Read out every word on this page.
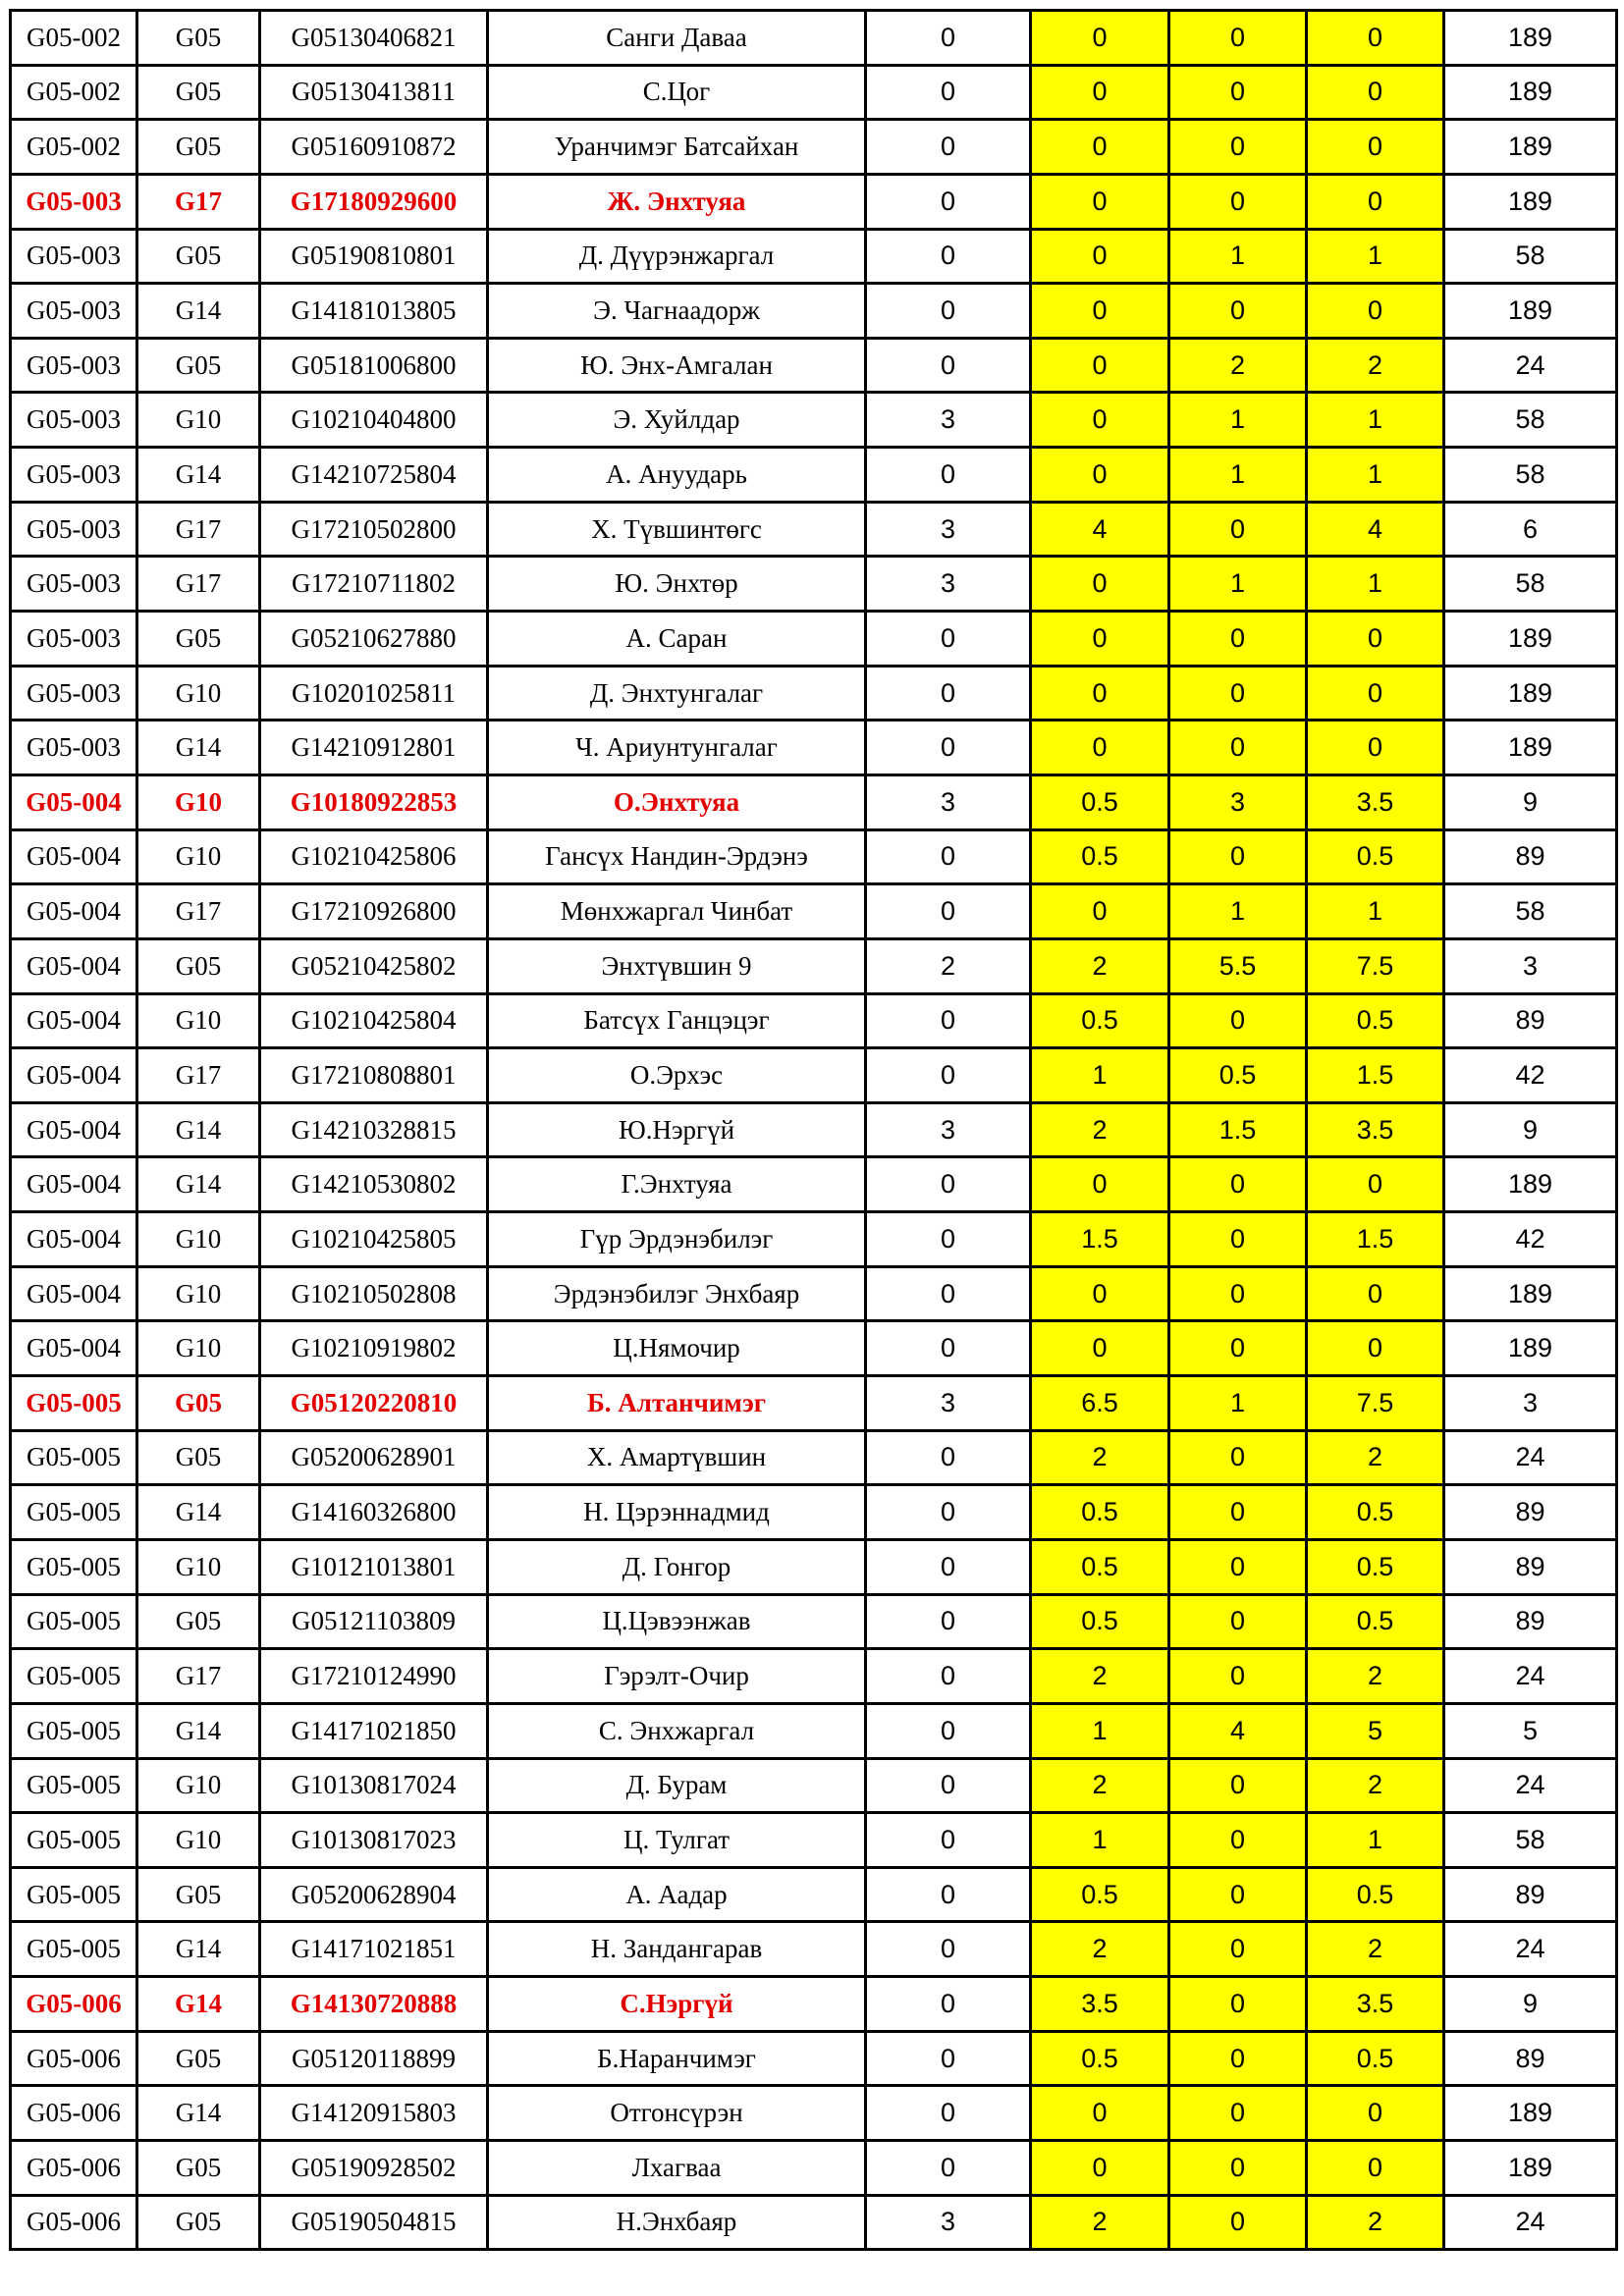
G05-002	G05	G05130406821	Санги Даваа	0	0	0	0	189
G05-002	G05	G05130413811	С.Цог	0	0	0	0	189
G05-002	G05	G05160910872	Уранчимэг Батсайхан	0	0	0	0	189
G05-003	G17	G17180929600	Ж. Энхтуяа	0	0	0	0	189
G05-003	G05	G05190810801	Д. Дүүрэнжаргал	0	0	1	1	58
G05-003	G14	G14181013805	Э. Чагнаадорж	0	0	0	0	189
G05-003	G05	G05181006800	Ю. Энх-Амгалан	0	0	2	2	24
G05-003	G10	G10210404800	Э. Хуйлдар	3	0	1	1	58
G05-003	G14	G14210725804	А. Ануударь	0	0	1	1	58
G05-003	G17	G17210502800	Х. Түвшинтөгс	3	4	0	4	6
G05-003	G17	G17210711802	Ю. Энхтөр	3	0	1	1	58
G05-003	G05	G05210627880	А. Саран	0	0	0	0	189
G05-003	G10	G10201025811	Д. Энхтунгалаг	0	0	0	0	189
G05-003	G14	G14210912801	Ч. Ариунтунгалаг	0	0	0	0	189
G05-004	G10	G10180922853	О.Энхтуяа	3	0.5	3	3.5	9
G05-004	G10	G10210425806	Гансүх Нандин-Эрдэнэ	0	0.5	0	0.5	89
G05-004	G17	G17210926800	Мөнхжаргал Чинбат	0	0	1	1	58
G05-004	G05	G05210425802	Энхтүвшин 9	2	2	5.5	7.5	3
G05-004	G10	G10210425804	Батсүх Ганцэцэг	0	0.5	0	0.5	89
G05-004	G17	G17210808801	О.Эрхэс	0	1	0.5	1.5	42
G05-004	G14	G14210328815	Ю.Нэргүй	3	2	1.5	3.5	9
G05-004	G14	G14210530802	Г.Энхтуяа	0	0	0	0	189
G05-004	G10	G10210425805	Гүр Эрдэнэбилэг	0	1.5	0	1.5	42
G05-004	G10	G10210502808	Эрдэнэбилэг Энхбаяр	0	0	0	0	189
G05-004	G10	G10210919802	Ц.Нямочир	0	0	0	0	189
G05-005	G05	G05120220810	Б. Алтанчимэг	3	6.5	1	7.5	3
G05-005	G05	G05200628901	Х. Амартүвшин	0	2	0	2	24
G05-005	G14	G14160326800	Н. Цэрэннадмид	0	0.5	0	0.5	89
G05-005	G10	G10121013801	Д. Гонгор	0	0.5	0	0.5	89
G05-005	G05	G05121103809	Ц.Цэвээнжав	0	0.5	0	0.5	89
G05-005	G17	G17210124990	Гэрэлт-Очир	0	2	0	2	24
G05-005	G14	G14171021850	С. Энхжаргал	0	1	4	5	5
G05-005	G10	G10130817024	Д. Бурам	0	2	0	2	24
G05-005	G10	G10130817023	Ц. Тулгат	0	1	0	1	58
G05-005	G05	G05200628904	А. Аадар	0	0.5	0	0.5	89
G05-005	G14	G14171021851	Н. Зандангарав	0	2	0	2	24
G05-006	G14	G14130720888	С.Нэргүй	0	3.5	0	3.5	9
G05-006	G05	G05120118899	Б.Наранчимэг	0	0.5	0	0.5	89
G05-006	G14	G14120915803	Отгонсүрэн	0	0	0	0	189
G05-006	G05	G05190928502	Лхагваа	0	0	0	0	189
G05-006	G05	G05190504815	Н.Энхбаяр	3	2	0	2	24
